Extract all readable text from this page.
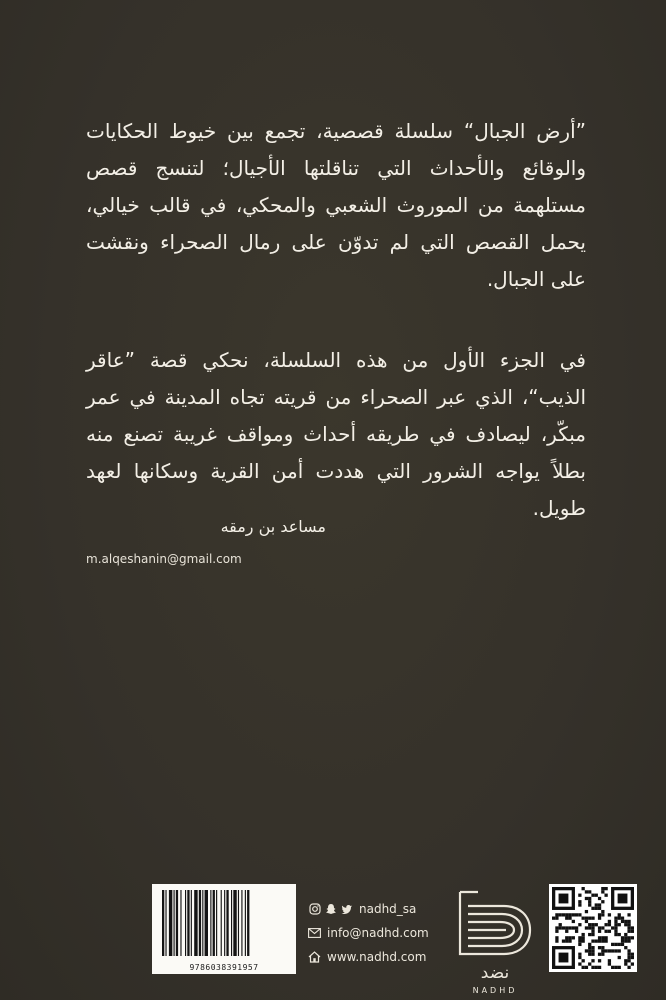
”أرض الجبال“ سلسلة قصصية، تجمع بين خيوط الحكايات والوقائع والأحداث التي تناقلتها الأجيال؛ لتنسج قصص مستلهمة من الموروث الشعبي والمحكي، في قالب خيالي، يحمل القصص التي لم تدوّن على رمال الصحراء ونقشت على الجبال.

في الجزء الأول من هذه السلسلة، نحكي قصة ”عاقر الذيب“، الذي عبر الصحراء من قريته تجاه المدينة في عمر مبكّر، ليصادف في طريقه أحداث ومواقف غريبة تصنع منه بطلاً يواجه الشرور التي هددت أمن القرية وسكانها لعهد طويل.

مساعد بن رمقه
m.alqeshanin@gmail.com
9786038391957
nadhd_sa
info@nadhd.com
www.nadhd.com
نضد
NADHD
